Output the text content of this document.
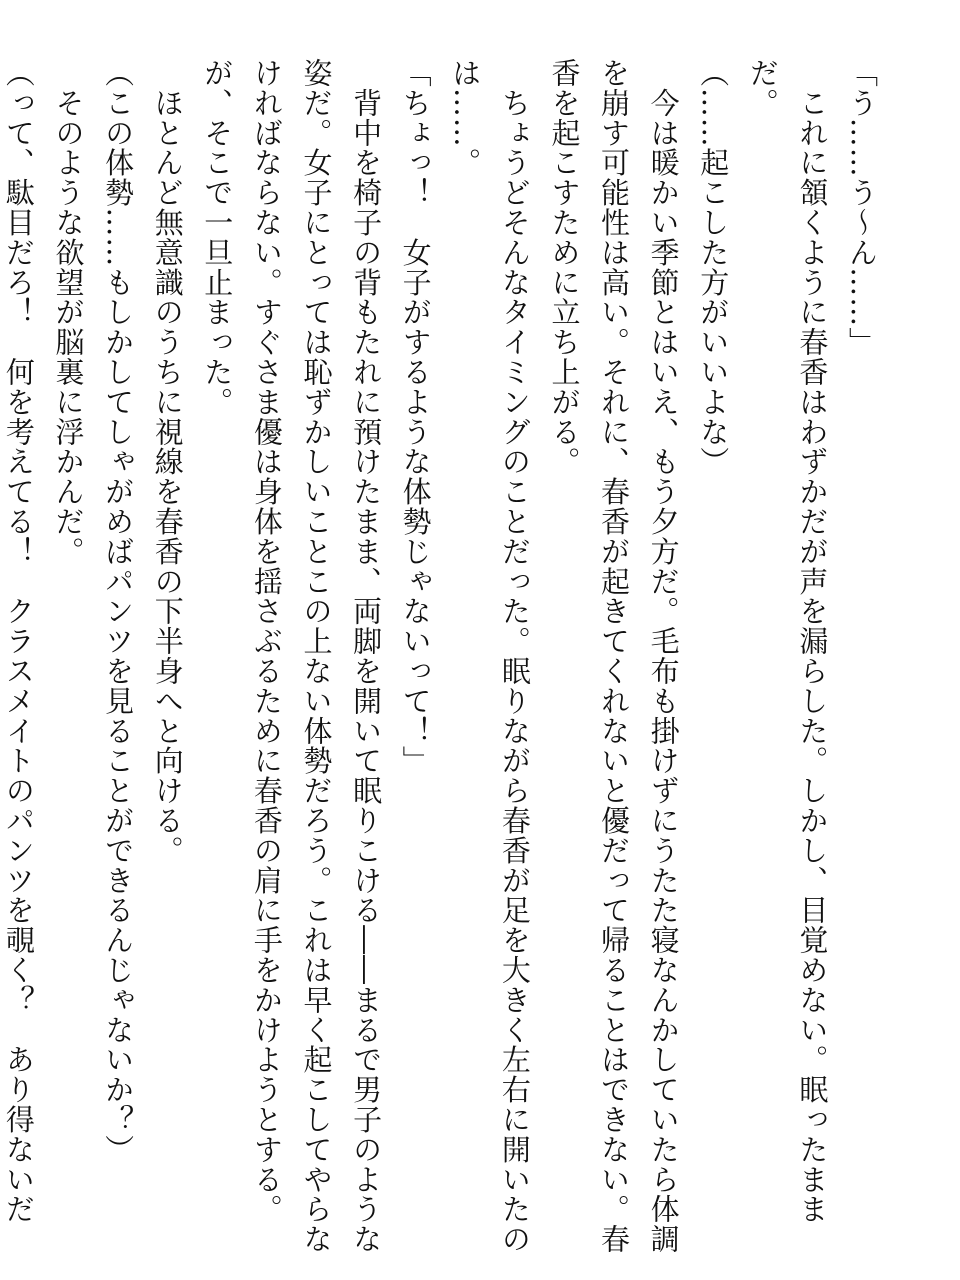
「う……う～ん……」
　これに頷くように春香はわずかだが声を漏らした。しかし、目覚めない。眠ったまま
だ。
（……起こした方がいいよな）
　今は暖かい季節とはいえ、もう夕方だ。毛布も掛けずにうたた寝なんかしていたら体調
を崩す可能性は高い。それに、春香が起きてくれないと優だって帰ることはできない。春
香を起こすために立ち上がる。
　ちょうどそんなタイミングのことだった。眠りながら春香が足を大きく左右に開いたの
は……。
「ちょっ！　女子がするような体勢じゃないって！」
　背中を椅子の背もたれに預けたまま、両脚を開いて眠りこける――まるで男子のような
姿だ。女子にとっては恥ずかしいことこの上ない体勢だろう。これは早く起こしてやらな
ければならない。すぐさま優は身体を揺さぶるために春香の肩に手をかけようとする。
が、そこで一旦止まった。
　ほとんど無意識のうちに視線を春香の下半身へと向ける。
（この体勢……もしかしてしゃがめばパンツを見ることができるんじゃないか？）
　そのような欲望が脳裏に浮かんだ。
（って、駄目だろ！　何を考えてる！　クラスメイトのパンツを覗く？　あり得ないだ
